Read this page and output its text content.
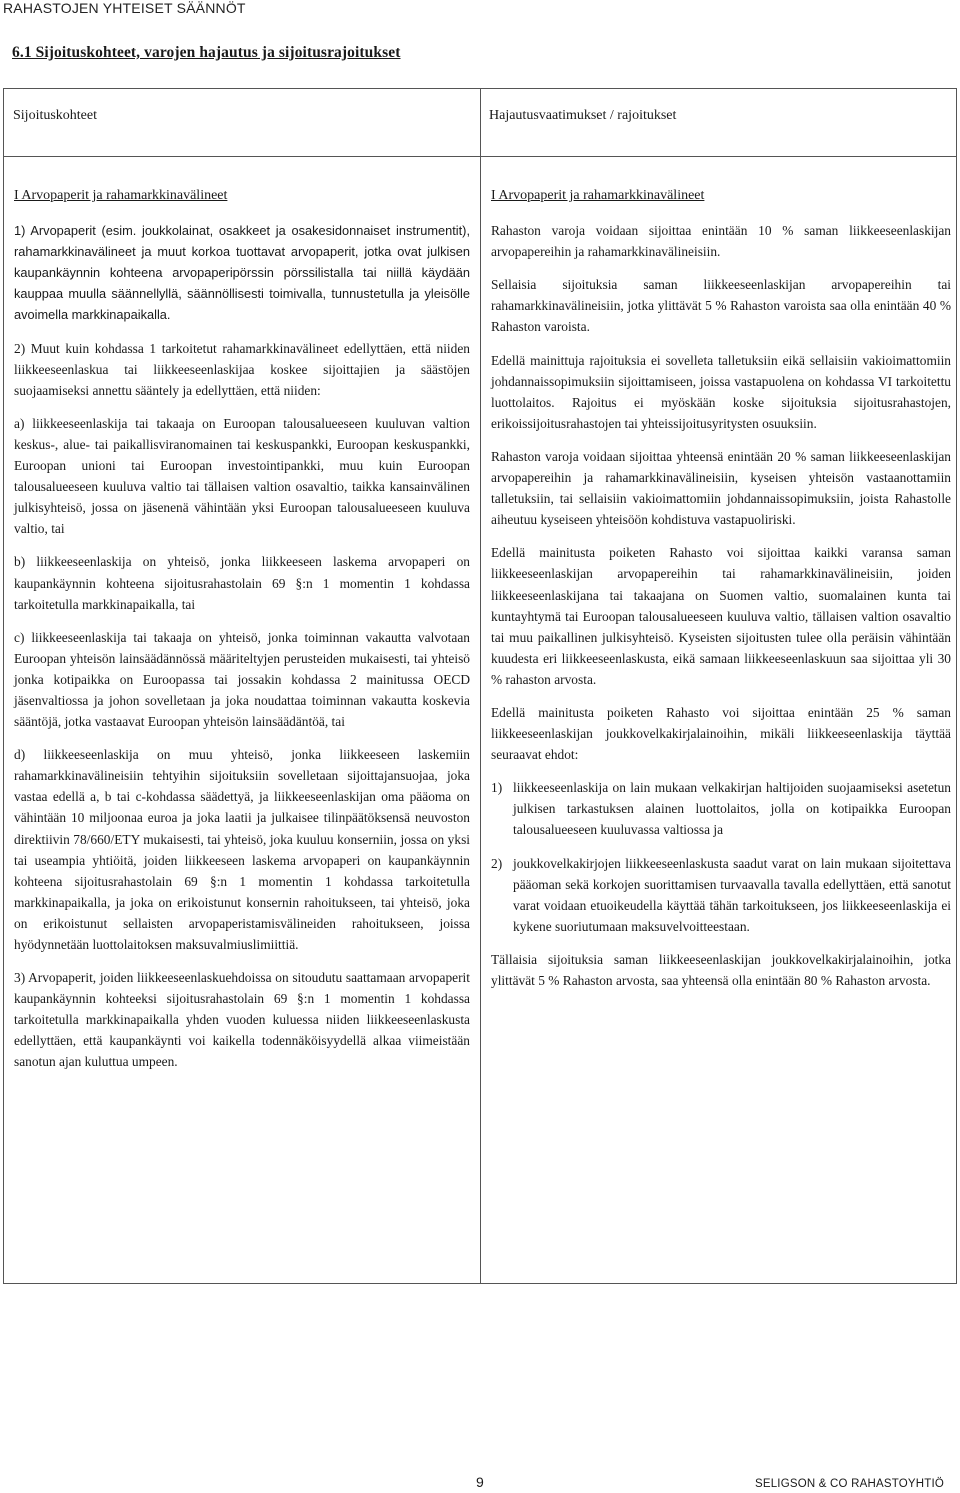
RAHASTOJEN YHTEISET SÄÄNNÖT
6.1 Sijoituskohteet, varojen hajautus ja sijoitusrajoitukset
Sijoituskohteet	Hajautusvaatimukset / rajoitukset

I Arvopaperit ja rahamarkkinavälineet

1) Arvopaperit (esim. joukkolainat, osakkeet ja osakesidonnaiset instrumentit), rahamarkkinavälineet ja muut korkoa tuottavat arvopaperit, jotka ovat julkisen kaupankäynnin kohteena arvopaperipörssin pörssilistalla tai niillä käydään kauppaa muulla säännellyllä, säännöllisesti toimivalla, tunnustetulla ja yleisölle avoimella markkinapaikalla.

2) Muut kuin kohdassa 1 tarkoitetut rahamarkkinavälineet edellyttäen, että niiden liikkeeseenlaskua tai liikkeeseenlaskijaa koskee sijoittajien ja säästöjen suojaamiseksi annettu sääntely ja edellyttäen, että niiden:

a) liikkeeseenlaskija tai takaaja on Euroopan talousalueeseen kuuluvan valtion keskus-, alue- tai paikallisviranomainen tai keskuspankki, Euroopan keskuspankki, Euroopan unioni tai Euroopan investointipankki, muu kuin Euroopan talousalueeseen kuuluva valtio tai tällaisen valtion osavaltio, taikka kansainvälinen julkisyhteisö, jossa on jäsenenä vähintään yksi Euroopan talousalueeseen kuuluva valtio, tai

b) liikkeeseenlaskija on yhteisö, jonka liikkeeseen laskema arvopaperi on kaupankäynnin kohteena sijoitusrahastolain 69 §:n 1 momentin 1 kohdassa tarkoitetulla markkinapaikalla, tai

c) liikkeeseenlaskija tai takaaja on yhteisö, jonka toiminnan vakautta valvotaan Euroopan yhteisön lainsäädännössä määriteltyjen perusteiden mukaisesti, tai yhteisö jonka kotipaikka on Euroopassa tai jossakin kohdassa 2 mainitussa OECD jäsenvaltiossa ja johon sovelletaan ja joka noudattaa toiminnan vakautta koskevia sääntöjä, jotka vastaavat Euroopan yhteisön lainsäädäntöä, tai

d) liikkeeseenlaskija on muu yhteisö, jonka liikkeeseen laskemiin rahamarkkinavälineisiin tehtyihin sijoituksiin sovelletaan sijoittajansuojaa, joka vastaa edellä a, b tai c-kohdassa säädettyä, ja liikkeeseenlaskijan oma pääoma on vähintään 10 miljoonaa euroa ja joka laatii ja julkaisee tilinpäätöksensä neuvoston direktiivin 78/660/ETY mukaisesti, tai yhteisö, joka kuuluu konserniin, jossa on yksi tai useampia yhtiöitä, joiden liikkeeseen laskema arvopaperi on kaupankäynnin kohteena sijoitusrahastolain 69 §:n 1 momentin 1 kohdassa tarkoitetulla markkinapaikalla, ja joka on erikoistunut konsernin rahoitukseen, tai yhteisö, joka on erikoistunut sellaisten arvopaperistamisvälineiden rahoitukseen, joissa hyödynnetään luottolaitoksen maksuvalmiuslimiittiä.

3) Arvopaperit, joiden liikkeeseenlaskuehdoissa on sitoudutu saattamaan arvopaperit kaupankäynnin kohteeksi sijoitusrahastolain 69 §:n 1 momentin 1 kohdassa tarkoitetulla markkinapaikalla yhden vuoden kuluessa niiden liikkeeseenlaskusta edellyttäen, että kaupankäynti voi kaikella todennäköisyydellä alkaa viimeistään sanotun ajan kuluttua umpeen.

I Arvopaperit ja rahamarkkinavälineet

Rahaston varoja voidaan sijoittaa enintään 10 % saman liikkeeseenlaskijan arvopapereihin ja rahamarkkinavälineisiin.

Sellaisia sijoituksia saman liikkeeseenlaskijan arvopapereihin tai rahamarkkinavälineisiin, jotka ylittävät 5 % Rahaston varoista saa olla enintään 40 % Rahaston varoista.

Edellä mainittuja rajoituksia ei sovelleta talletuksiin eikä sellaisiin vakioimattomiin johdannaissopimuksiin sijoittamiseen, joissa vastapuolena on kohdassa VI tarkoitettu luottolaitos. Rajoitus ei myöskään koske sijoituksia sijoitusrahastojen, erikoissijoitusrahastojen tai yhteissijoitusyritysten osuuksiin.

Rahaston varoja voidaan sijoittaa yhteensä enintään 20 % saman liikkeeseenlaskijan arvopapereihin ja rahamarkkinavälineisiin, kyseisen yhteisön vastaanottamiin talletuksiin, tai sellaisiin vakioimattomiin johdannaissopimuksiin, joista Rahastolle aiheutuu kyseiseen yhteisöön kohdistuva vastapuoliriski.

Edellä mainitusta poiketen Rahasto voi sijoittaa kaikki varansa saman liikkeeseenlaskijan arvopapereihin tai rahamarkkinavälineisiin, joiden liikkeeseenlaskijana tai takaajana on Suomen valtio, suomalainen kunta tai kuntayhtymä tai Euroopan talousalueeseen kuuluva valtio, tällaisen valtion osavaltio tai muu paikallinen julkisyhteisö. Kyseisten sijoitusten tulee olla peräisin vähintään kuudesta eri liikkeeseenlaskusta, eikä samaan liikkeeseenlaskuun saa sijoittaa yli 30 % rahaston arvosta.

Edellä mainitusta poiketen Rahasto voi sijoittaa enintään 25 % saman liikkeeseenlaskijan joukkovelkakirjalainoihin, mikäli liikkeeseenlaskija täyttää seuraavat ehdot:

1) liikkeeseenlaskija on lain mukaan velkakirjan haltijoiden suojaamiseksi asetetun julkisen tarkastuksen alainen luottolaitos, jolla on kotipaikka Euroopan talousalueeseen kuuluvassa valtiossa ja
2) joukkovelkakirjojen liikkeeseenlaskusta saadut varat on lain mukaan sijoitettava pääoman sekä korkojen suorittamisen turvaavalla tavalla edellyttäen, että sanotut varat voidaan etuoikeudella käyttää tähän tarkoitukseen, jos liikkeeseenlaskija ei kykene suoriutumaan maksuvelvoitteestaan.

Tällaisia sijoituksia saman liikkeeseenlaskijan joukkovelkakirjalainoihin, jotka ylittävät 5 % Rahaston arvosta, saa yhteensä olla enintään 80 % Rahaston arvosta.

9	SELIGSON & CO RAHASTOYHTIÖ
